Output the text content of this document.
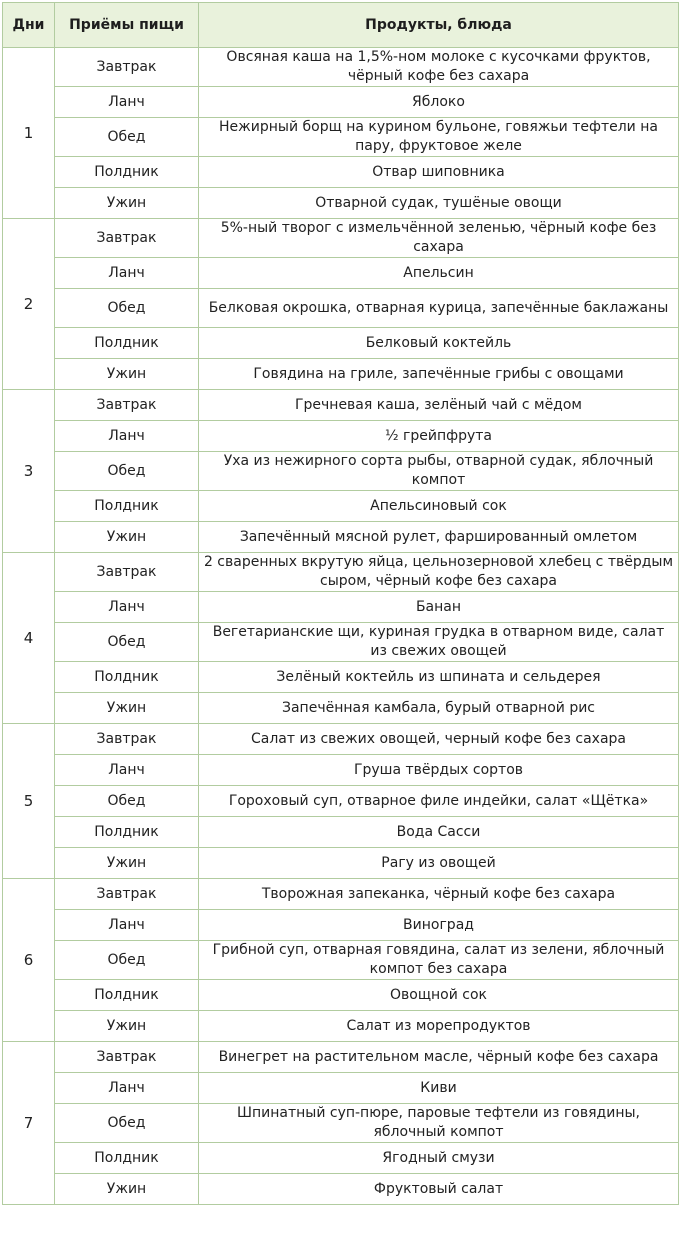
Дни	Приёмы пищи	Продукты, блюда
1	Завтрак	Овсяная каша на 1,5%-ном молоке с кусочками фруктов, чёрный кофе без сахара
	Ланч	Яблоко
	Обед	Нежирный борщ на курином бульоне, говяжьи тефтели на пару, фруктовое желе
	Полдник	Отвар шиповника
	Ужин	Отварной судак, тушёные овощи
2	Завтрак	5%-ный творог с измельчённой зеленью, чёрный кофе без сахара
	Ланч	Апельсин
	Обед	Белковая окрошка, отварная курица, запечённые баклажаны
	Полдник	Белковый коктейль
	Ужин	Говядина на гриле, запечённые грибы с овощами
3	Завтрак	Гречневая каша, зелёный чай с мёдом
	Ланч	½ грейпфрута
	Обед	Уха из нежирного сорта рыбы, отварной судак, яблочный компот
	Полдник	Апельсиновый сок
	Ужин	Запечённый мясной рулет, фаршированный омлетом
4	Завтрак	2 сваренных вкрутую яйца, цельнозерновой хлебец с твёрдым сыром, чёрный кофе без сахара
	Ланч	Банан
	Обед	Вегетарианские щи, куриная грудка в отварном виде, салат из свежих овощей
	Полдник	Зелёный коктейль из шпината и сельдерея
	Ужин	Запечённая камбала, бурый отварной рис
5	Завтрак	Салат из свежих овощей, черный кофе без сахара
	Ланч	Груша твёрдых сортов
	Обед	Гороховый суп, отварное филе индейки, салат «Щётка»
	Полдник	Вода Сасси
	Ужин	Рагу из овощей
6	Завтрак	Творожная запеканка, чёрный кофе без сахара
	Ланч	Виноград
	Обед	Грибной суп, отварная говядина, салат из зелени, яблочный компот без сахара
	Полдник	Овощной сок
	Ужин	Салат из морепродуктов
7	Завтрак	Винегрет на растительном масле, чёрный кофе без сахара
	Ланч	Киви
	Обед	Шпинатный суп-пюре, паровые тефтели из говядины, яблочный компот
	Полдник	Ягодный смузи
	Ужин	Фруктовый салат
